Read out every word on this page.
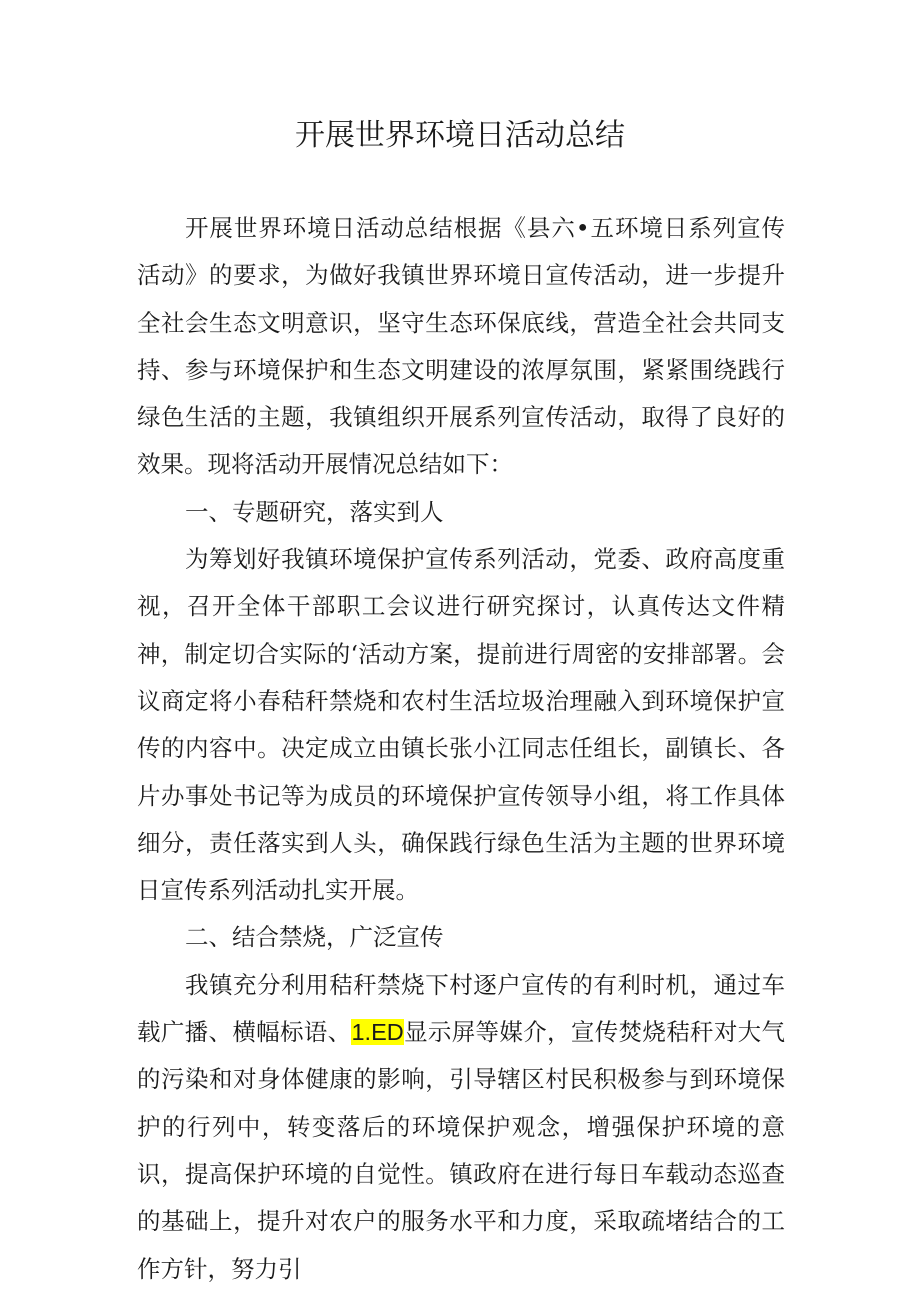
开展世界环境日活动总结

开展世界环境日活动总结根据《县六•五环境日系列宣传活动》的要求，为做好我镇世界环境日宣传活动，进一步提升全社会生态文明意识，坚守生态环保底线，营造全社会共同支持、参与环境保护和生态文明建设的浓厚氛围，紧紧围绕践行绿色生活的主题，我镇组织开展系列宣传活动，取得了良好的效果。现将活动开展情况总结如下：

一、专题研究，落实到人

为筹划好我镇环境保护宣传系列活动，党委、政府高度重视，召开全体干部职工会议进行研究探讨，认真传达文件精神，制定切合实际的‘活动方案，提前进行周密的安排部署。会议商定将小春秸秆禁烧和农村生活垃圾治理融入到环境保护宣传的内容中。决定成立由镇长张小江同志任组长，副镇长、各片办事处书记等为成员的环境保护宣传领导小组，将工作具体细分，责任落实到人头，确保践行绿色生活为主题的世界环境日宣传系列活动扎实开展。

二、结合禁烧，广泛宣传

我镇充分利用秸秆禁烧下村逐户宣传的有利时机，通过车载广播、横幅标语、1.ED显示屏等媒介，宣传焚烧秸秆对大气的污染和对身体健康的影响，引导辖区村民积极参与到环境保护的行列中，转变落后的环境保护观念，增强保护环境的意识，提高保护环境的自觉性。镇政府在进行每日车载动态巡查的基础上，提升对农户的服务水平和力度，采取疏堵结合的工作方针，努力引
